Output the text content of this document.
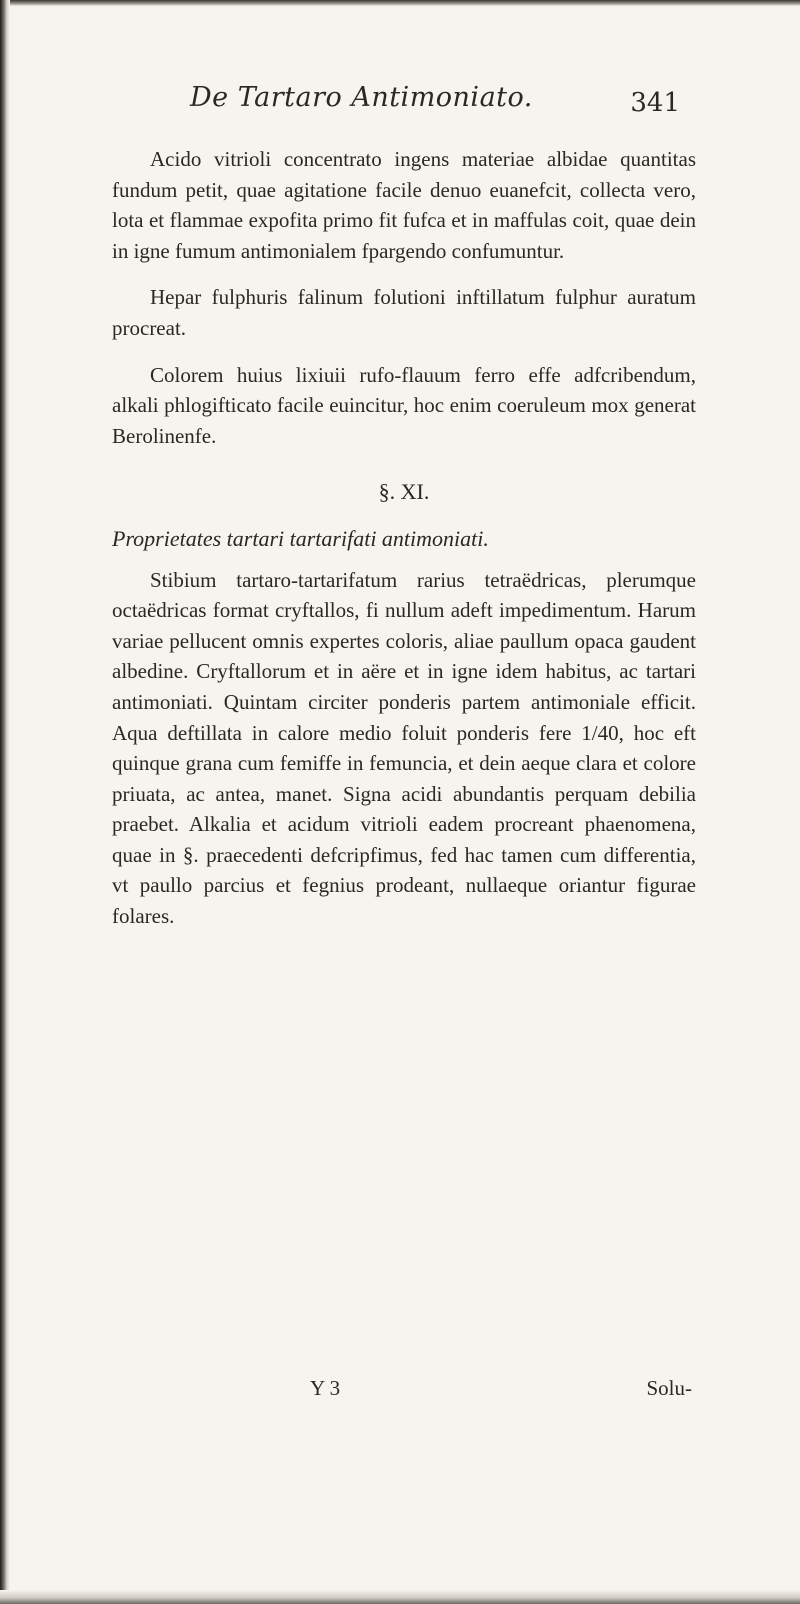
De Tartaro Antimoniato.	341

Acido vitrioli concentrato ingens materiae albidae quantitas fundum petit, quae agitatione facile denuo euanefcit, collecta vero, lota et flammae expofita primo fit fufca et in maffulas coit, quae dein in igne fumum antimonialem fpargendo confumuntur.

Hepar fulphuris falinum folutioni inftillatum fulphur auratum procreat.

Colorem huius lixiuii rufo-flauum ferro effe adfcribendum, alkali phlogifticato facile euincitur, hoc enim coeruleum mox generat Berolinenfe.

§. XI.

Proprietates tartari tartarifati antimoniati.

Stibium tartaro-tartarifatum rarius tetraëdricas, plerumque octaëdricas format cryftallos, fi nullum adeft impedimentum. Harum variae pellucent omnis expertes coloris, aliae paullum opaca gaudent albedine. Cryftallorum et in aëre et in igne idem habitus, ac tartari antimoniati. Quintam circiter ponderis partem antimoniale efficit. Aqua deftillata in calore medio foluit ponderis fere 1/40, hoc eft quinque grana cum femiffe in femuncia, et dein aeque clara et colore priuata, ac antea, manet. Signa acidi abundantis perquam debilia praebet. Alkalia et acidum vitrioli eadem procreant phaenomena, quae in §. praecedenti defcripfimus, fed hac tamen cum differentia, vt paullo parcius et fegnius prodeant, nullaeque oriantur figurae folares.

Y 3	Solu-
